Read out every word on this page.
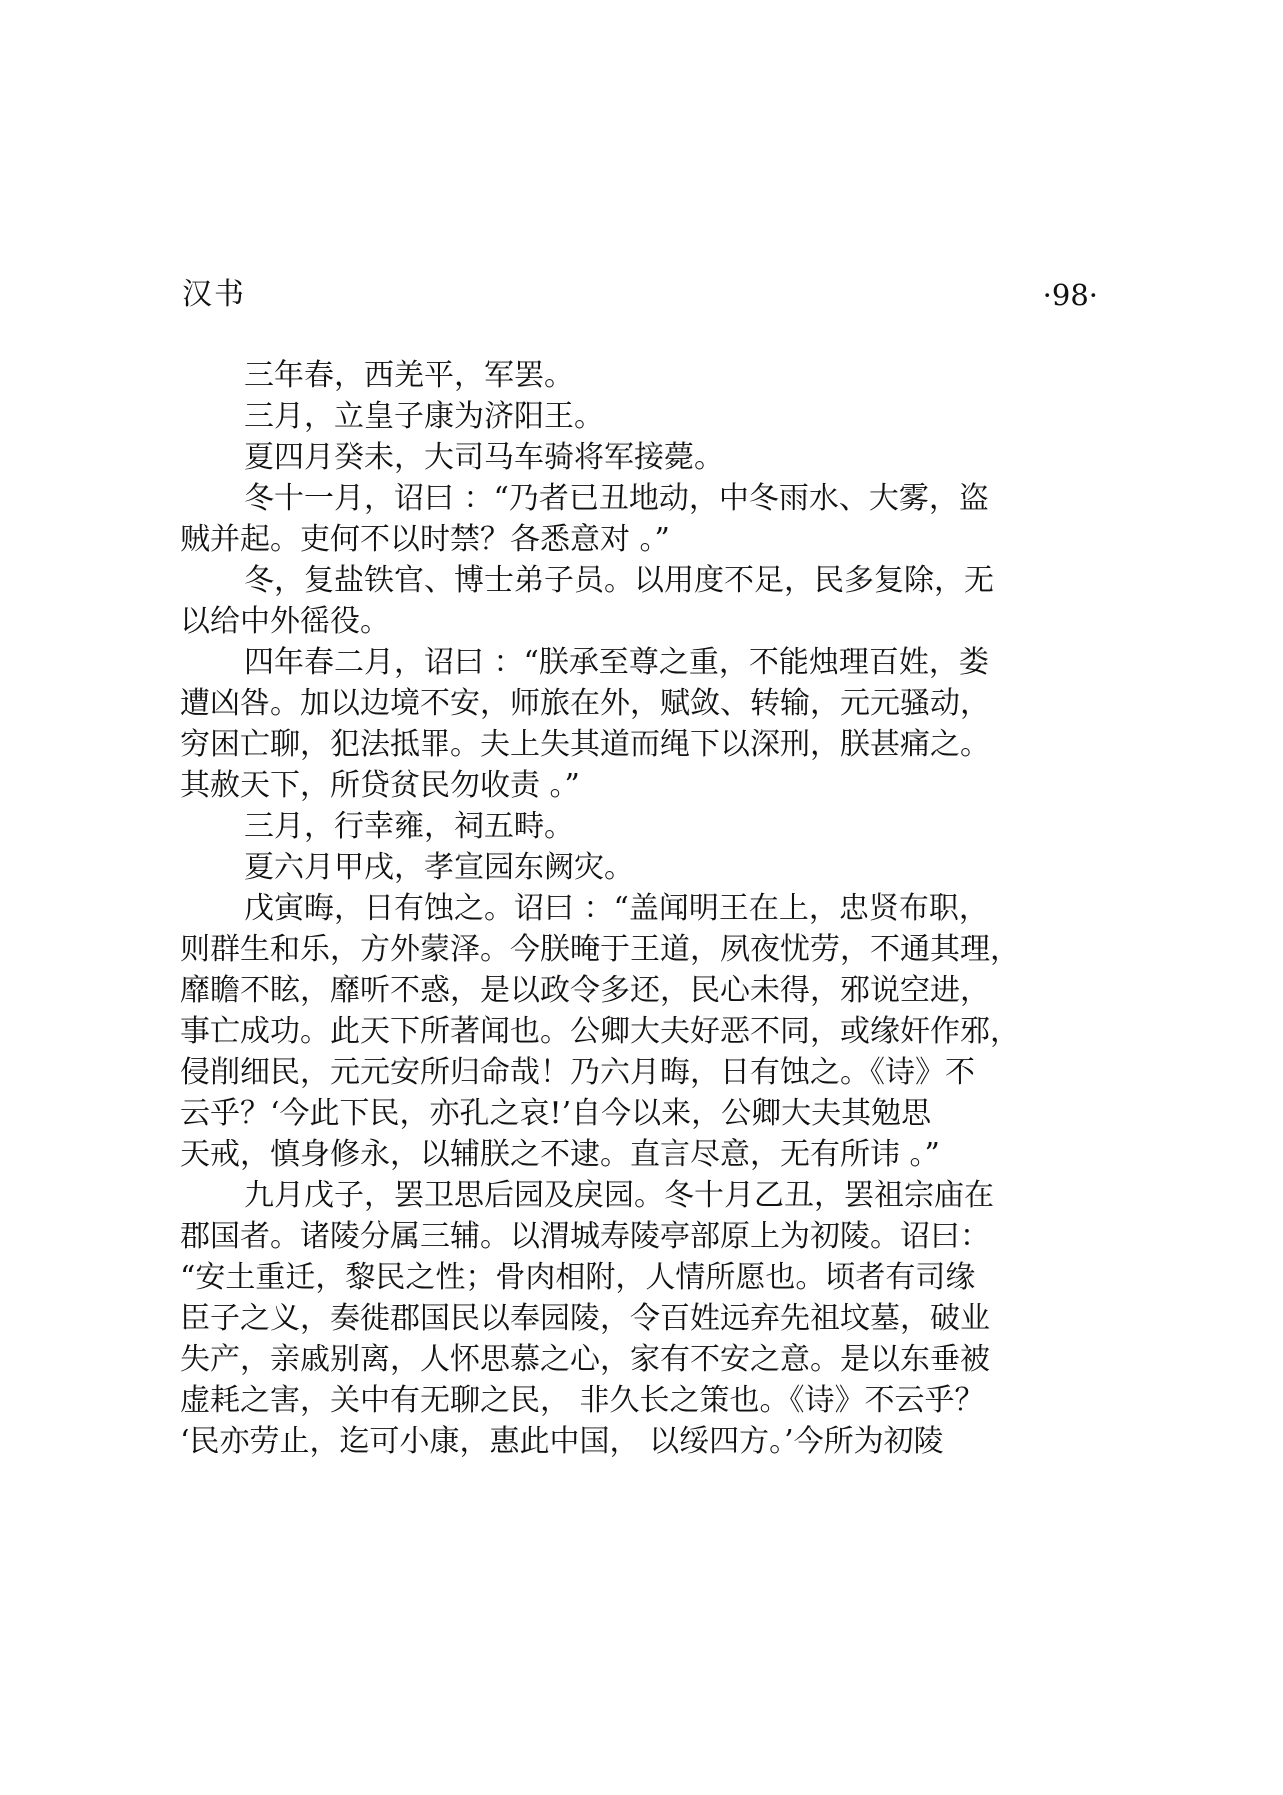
汉书	·98·
三年春，西羌平，军罢。
三月，立皇子康为济阳王。
夏四月癸未，大司马车骑将军接薨。
冬十一月，诏曰 ：“乃者已丑地动，中冬雨水、大雾，盗
贼并起。吏何不以时禁？各悉意对 。”
冬，复盐铁官、博士弟子员。以用度不足，民多复除，无
以给中外徭役。
四年春二月，诏曰 ：“朕承至尊之重，不能烛理百姓，娄
遭凶咎。加以边境不安，师旅在外，赋敛、转输，元元骚动，
穷困亡聊，犯法抵罪。夫上失其道而绳下以深刑，朕甚痛之。
其赦天下，所贷贫民勿收责 。”
三月，行幸雍，祠五畤。
夏六月甲戌，孝宣园东阙灾。
戊寅晦，日有蚀之。诏曰 ：“盖闻明王在上，忠贤布职，
则群生和乐，方外蒙泽。今朕晻于王道，夙夜忧劳，不通其理，
靡瞻不眩，靡听不惑，是以政令多还，民心未得，邪说空进，
事亡成功。此天下所著闻也。公卿大夫好恶不同，或缘奸作邪，
侵削细民，元元安所归命哉！乃六月晦，日有蚀之。《诗》不
云乎？‘今此下民，亦孔之哀!’自今以来，公卿大夫其勉思
天戒，慎身修永，以辅朕之不逮。直言尽意，无有所讳 。”
九月戊子，罢卫思后园及戾园。冬十月乙丑，罢祖宗庙在
郡国者。诸陵分属三辅。以渭城寿陵亭部原上为初陵。诏曰：
“安土重迁，黎民之性；骨肉相附，人情所愿也。顷者有司缘
臣子之义，奏徙郡国民以奉园陵，令百姓远弃先祖坟墓，破业
失产，亲戚别离，人怀思慕之心，家有不安之意。是以东垂被
虚耗之害，关中有无聊之民， 非久长之策也。《诗》不云乎？
‘民亦劳止，迄可小康，惠此中国， 以绥四方。’今所为初陵
